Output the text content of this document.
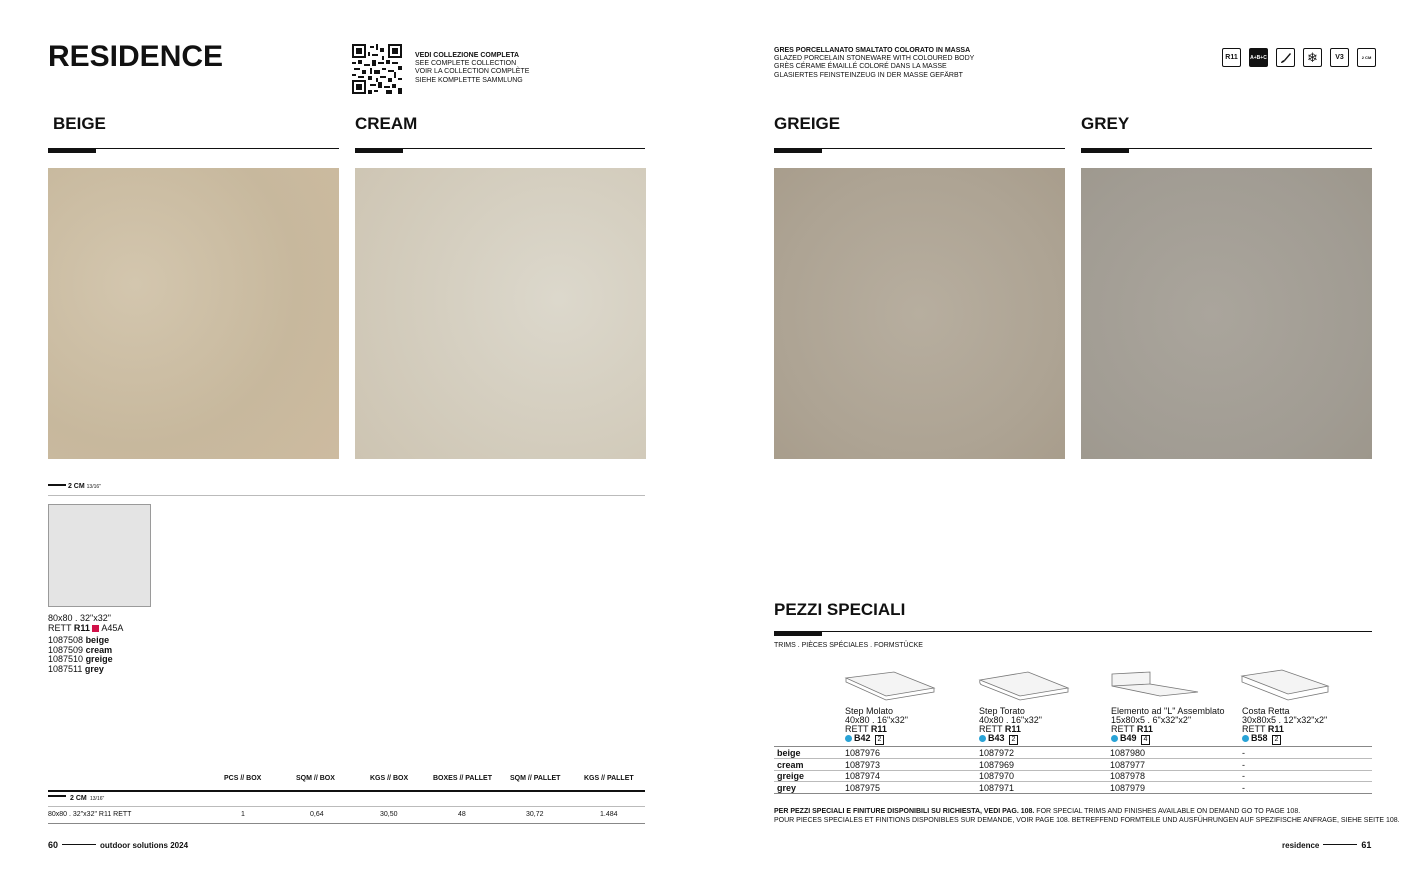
RESIDENCE	VEDI COLLEZIONE COMPLETA
SEE COMPLETE COLLECTION
VOIR LA COLLECTION COMPLÈTE
SIEHE KOMPLETTE SAMMLUNG
GRES PORCELLANATO SMALTATO COLORATO IN MASSA
GLAZED PORCELAIN STONEWARE WITH COLOURED BODY
GRÈS CÉRAME ÉMAILLÉ COLORÉ DANS LA MASSE
GLASIERTES FEINSTEINZEUG IN DER MASSE GEFÄRBT
R11	A+B+C	❄	V3	2 CM
BEIGE	CREAM	GREIGE	GREY
2 CM 13/16"
80x80 . 32"x32"
RETT R11 A45A
1087508 beige
1087509 cream
1087510 greige
1087511 grey
PCS // BOX	SQM // BOX	KGS // BOX	BOXES // PALLET	SQM // PALLET	KGS // PALLET
2 CM 13/16"
80x80 . 32"x32" R11 RETT	1	0,64	30,50	48	30,72	1.484
PEZZI SPECIALI
TRIMS . PIÈCES SPÉCIALES . FORMSTÜCKE
Step Molato
40x80 . 16"x32"
RETT R11
B42 2
Step Torato
40x80 . 16"x32"
RETT R11
B43 2
Elemento ad "L" Assemblato
15x80x5 . 6"x32"x2"
RETT R11
B49 4
Costa Retta
30x80x5 . 12"x32"x2"
RETT R11
B58 2
beige	1087976	1087972	1087980	-
cream	1087973	1087969	1087977	-
greige	1087974	1087970	1087978	-
grey	1087975	1087971	1087979	-
PER PEZZI SPECIALI E FINITURE DISPONIBILI SU RICHIESTA, VEDI PAG. 108. FOR SPECIAL TRIMS AND FINISHES AVAILABLE ON DEMAND GO TO PAGE 108.
POUR PIECES SPECIALES ET FINITIONS DISPONIBLES SUR DEMANDE, VOIR PAGE 108. BETREFFEND FORMTEILE UND AUSFÜHRUNGEN AUF SPEZIFISCHE ANFRAGE, SIEHE SEITE 108.
60	outdoor solutions 2024	residence	61
